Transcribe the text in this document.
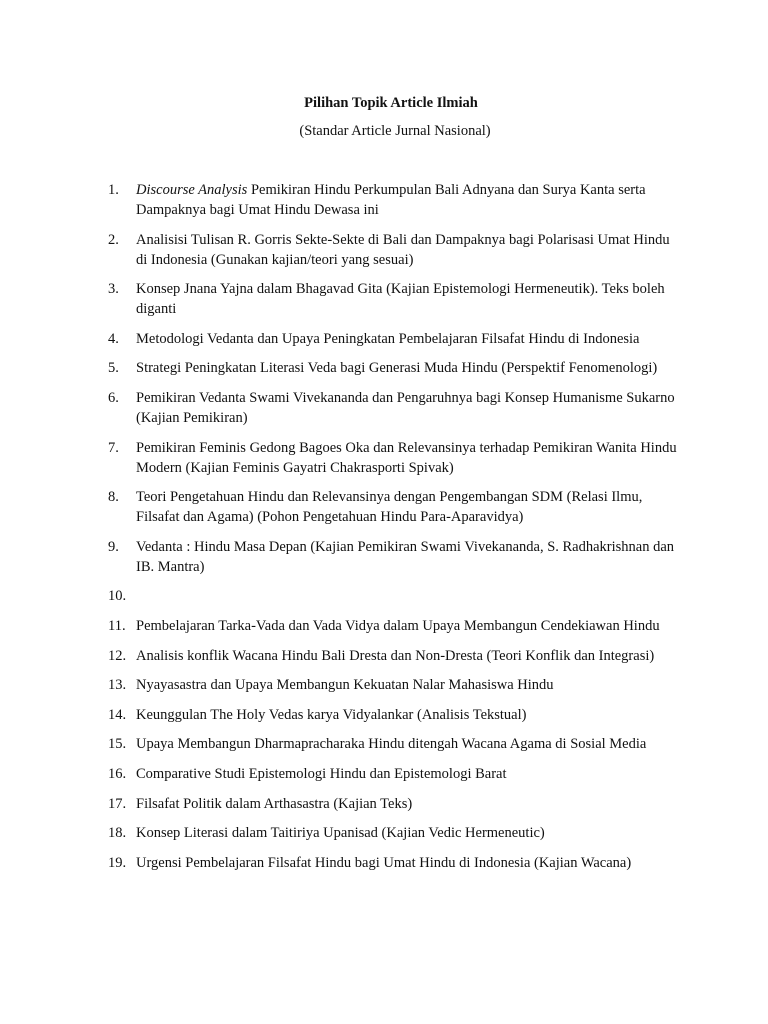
Pilihan Topik Article Ilmiah
(Standar Article Jurnal Nasional)
1.	Discourse Analysis Pemikiran Hindu Perkumpulan Bali Adnyana dan Surya Kanta serta Dampaknya bagi Umat Hindu Dewasa ini
2.	Analisisi Tulisan R. Gorris Sekte-Sekte di Bali dan Dampaknya bagi Polarisasi Umat Hindu di Indonesia (Gunakan kajian/teori yang sesuai)
3.	Konsep Jnana Yajna dalam Bhagavad Gita (Kajian Epistemologi Hermeneutik). Teks boleh diganti
4.	Metodologi Vedanta dan Upaya Peningkatan Pembelajaran Filsafat Hindu di Indonesia
5.	Strategi Peningkatan Literasi Veda bagi Generasi Muda Hindu (Perspektif Fenomenologi)
6.	Pemikiran Vedanta Swami Vivekananda dan Pengaruhnya bagi Konsep Humanisme Sukarno (Kajian Pemikiran)
7.	Pemikiran Feminis Gedong Bagoes Oka dan Relevansinya terhadap Pemikiran Wanita Hindu Modern (Kajian Feminis Gayatri Chakrasporti Spivak)
8.	Teori Pengetahuan Hindu dan Relevansinya dengan Pengembangan SDM (Relasi Ilmu, Filsafat dan Agama) (Pohon Pengetahuan Hindu Para-Aparavidya)
9.	Vedanta : Hindu Masa Depan (Kajian Pemikiran Swami Vivekananda, S. Radhakrishnan dan IB. Mantra)
10.

11. Pembelajaran Tarka-Vada dan Vada Vidya dalam Upaya Membangun Cendekiawan Hindu
12. Analisis konflik Wacana Hindu Bali Dresta dan Non-Dresta (Teori Konflik dan Integrasi)
13. Nyayasastra dan Upaya Membangun Kekuatan Nalar Mahasiswa Hindu
14. Keunggulan The Holy Vedas karya Vidyalankar (Analisis Tekstual)
15. Upaya Membangun Dharmapracharaka Hindu ditengah Wacana Agama di Sosial Media
16. Comparative Studi Epistemologi Hindu dan Epistemologi Barat
17. Filsafat Politik dalam Arthasastra (Kajian Teks)
18. Konsep Literasi dalam Taitiriya Upanisad (Kajian Vedic Hermeneutic)
19. Urgensi Pembelajaran Filsafat Hindu bagi Umat Hindu di Indonesia (Kajian Wacana)
